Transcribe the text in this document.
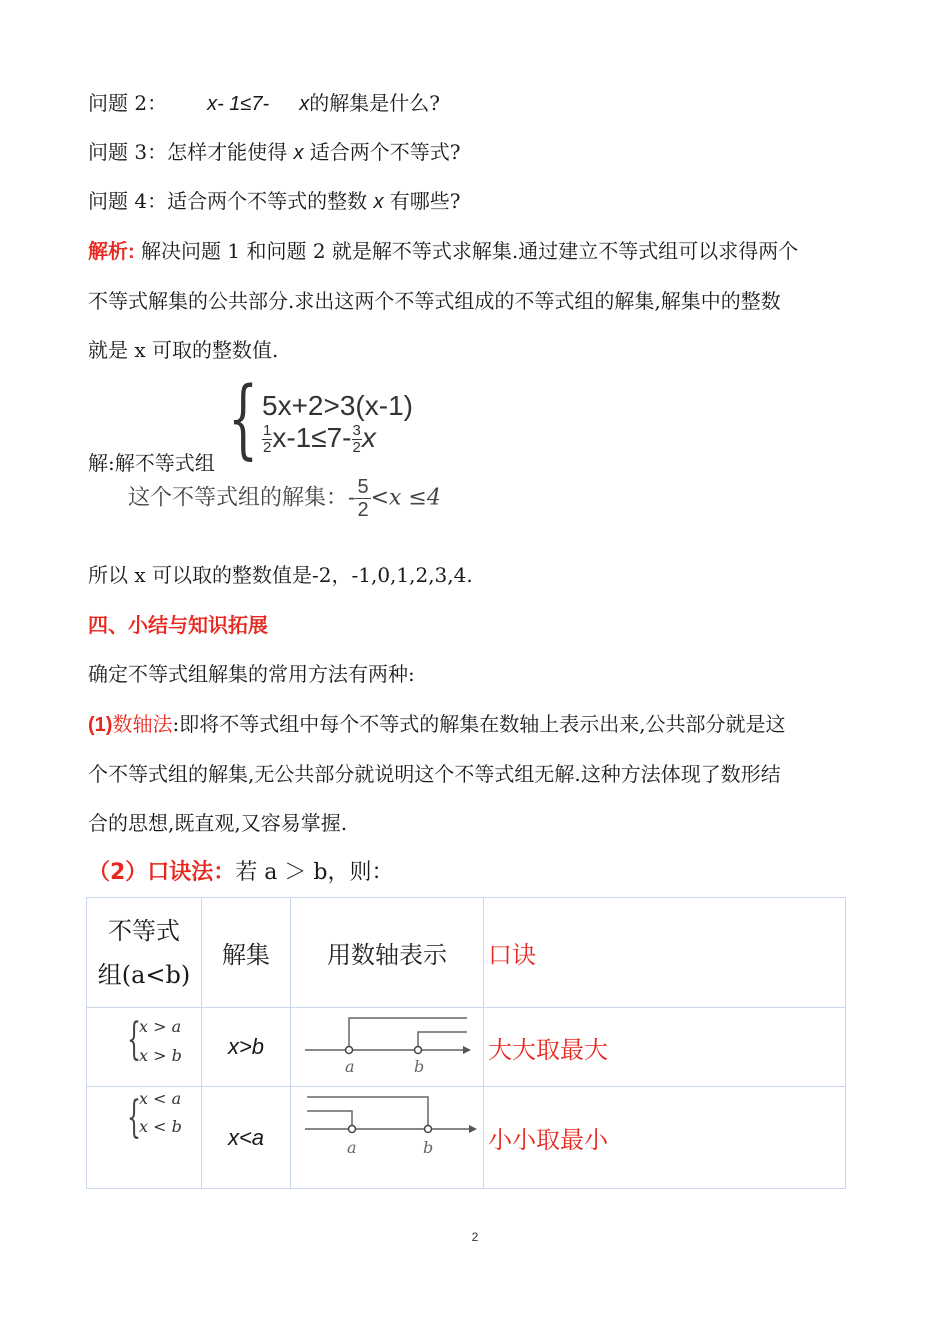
问题 2： x- 1≤7- x的解集是什么?
问题 3：怎样才能使得 x 适合两个不等式?
问题 4：适合两个不等式的整数 x 有哪些?
解析: 解决问题 1 和问题 2 就是解不等式求解集.通过建立不等式组可以求得两个
不等式解集的公共部分.求出这两个不等式组成的不等式组的解集,解集中的整数
就是 x 可取的整数值.
解:解不等式组 { 5x+2>3(x-1)
$\frac{1}{2} x-1\le 7- \frac{3}{2}$ x
这个不等式组的解集：- $\frac{5}{2}<x \le 4$
所以 x 可以取的整数值是-2，-1,0,1,2,3,4.
四、小结与知识拓展
确定不等式组解集的常用方法有两种:
(1)数轴法:即将不等式组中每个不等式的解集在数轴上表示出来,公共部分就是这
个不等式组的解集,无公共部分就说明这个不等式组无解.这种方法体现了数形结
合的思想,既直观,又容易掌握.
（2）口诀法：若 a ＞ b，则：
不等式
组(a<b)	解集	用数轴表示	口诀

{
x > a
x > b	x>b	a b	大大取最大

{
x < a
x < b	x<a	a b	小小取最小
2
